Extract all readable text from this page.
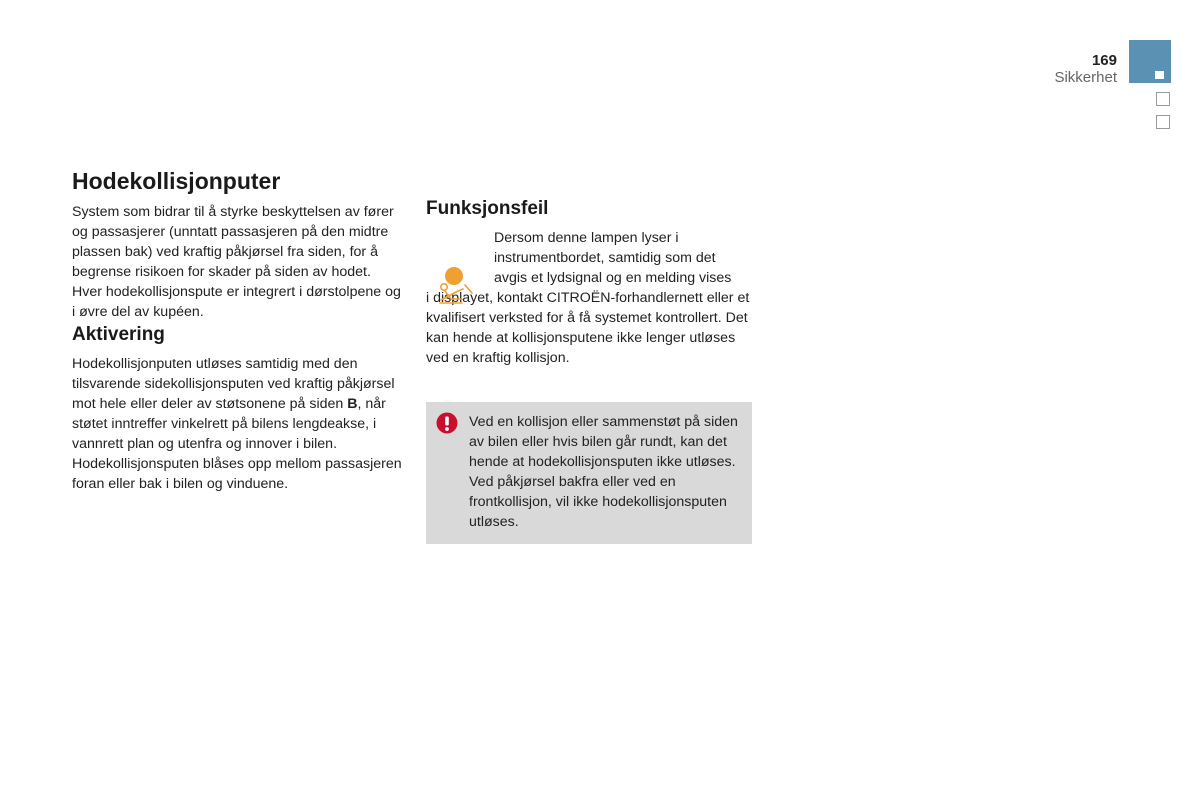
169
Sikkerhet
Hodekollisjonputer

System som bidrar til å styrke beskyttelsen av fører og passasjerer (unntatt passasjeren på den midtre plassen bak) ved kraftig påkjørsel fra siden, for å begrense risikoen for skader på siden av hodet.

Hver hodekollisjonspute er integrert i dørstolpene og i øvre del av kupéen.

Aktivering

Hodekollisjonputen utløses samtidig med den tilsvarende sidekollisjonsputen ved kraftig påkjørsel mot hele eller deler av støtsonene på siden B, når støtet inntreffer vinkelrett på bilens lengdeakse, i vannrett plan og utenfra og innover i bilen.

Hodekollisjonsputen blåses opp mellom passasjeren foran eller bak i bilen og vinduene.

Funksjonsfeil

Dersom denne lampen lyser i

instrumentbordet, samtidig som det

avgis et lydsignal og en melding vises

i displayet, kontakt CITROËN-forhandlernett eller et kvalifisert verksted for å få systemet kontrollert. Det kan hende at kollisjonsputene ikke lenger utløses ved en kraftig kollisjon.

Ved en kollisjon eller sammenstøt på siden av bilen eller hvis bilen går rundt, kan det hende at hodekollisjonsputen ikke utløses.

Ved påkjørsel bakfra eller ved en frontkollisjon, vil ikke hodekollisjonsputen utløses.
